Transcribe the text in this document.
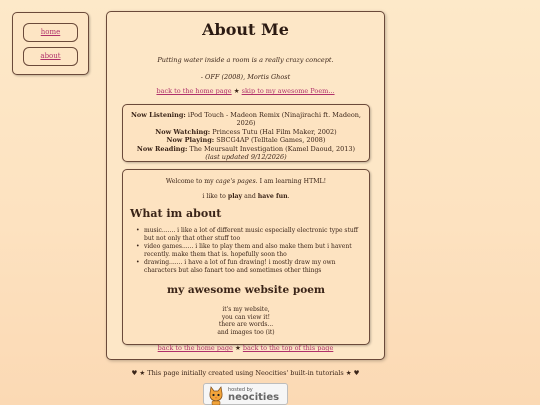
home
about
About Me
Putting water inside a room is a really crazy concept.
- OFF (2008), Mortis Ghost
back to the home page ★ skip to my awesome Poem...
Now Listening: iPod Touch - Madeon Remix (Ninajirachi ft. Madeon, 2026)
Now Watching: Princess Tutu (Hal Film Maker, 2002)
Now Playing: SBCG4AP (Telltale Games, 2008)
Now Reading: The Meursault Investigation (Kamel Daoud, 2013)
(last updated 9/12/2026)
Welcome to my cage's pages. I am learning HTML!
i like to play and have fun.
What im about
• music....... i like a lot of different music especially electronic type stuff but not only that other stuff too
• video games...... i like to play them and also make them but i havent recently. make them that is. hopefully soon tho
• drawing....... i have a lot of fun drawing! i mostly draw my own characters but also fanart too and sometimes other things
my awesome website poem
it's my website,
you can view it!
there are words...
and images too (it)
back to the home page ★ back to the top of this page
♥ ★ This page initially created using Neocities' built-in tutorials ★ ♥
hosted by
neocities
